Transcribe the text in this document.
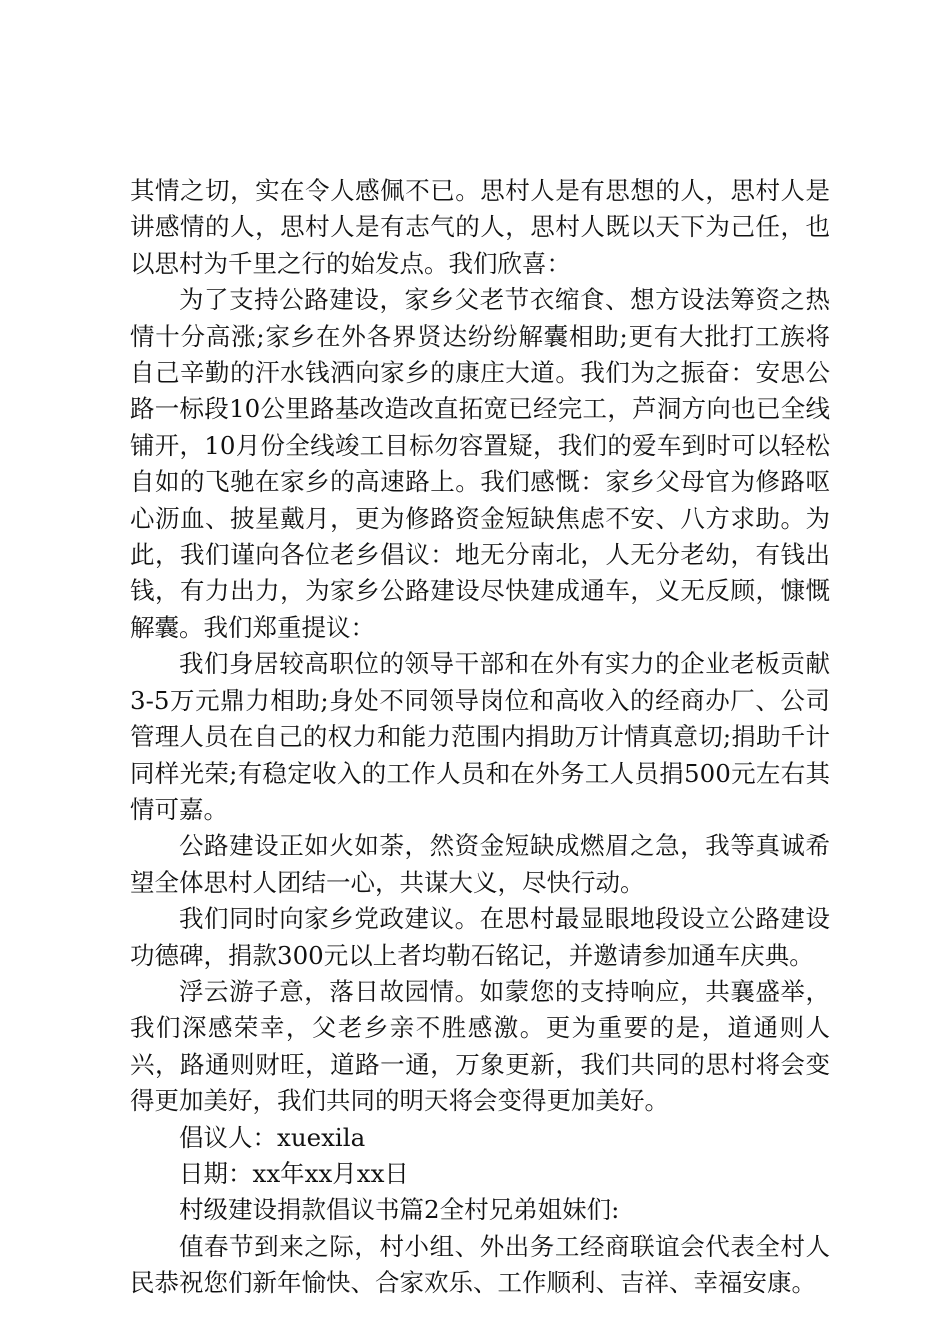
其情之切，实在令人感佩不已。思村人是有思想的人，思村人是讲感情的人，思村人是有志气的人，思村人既以天下为己任，也以思村为千里之行的始发点。我们欣喜：

为了支持公路建设，家乡父老节衣缩食、想方设法筹资之热情十分高涨;家乡在外各界贤达纷纷解囊相助;更有大批打工族将自己辛勤的汗水钱洒向家乡的康庄大道。我们为之振奋：安思公路一标段10公里路基改造改直拓宽已经完工，芦洞方向也已全线铺开，10月份全线竣工目标勿容置疑，我们的爱车到时可以轻松自如的飞驰在家乡的高速路上。我们感慨：家乡父母官为修路呕心沥血、披星戴月，更为修路资金短缺焦虑不安、八方求助。为此，我们谨向各位老乡倡议：地无分南北，人无分老幼，有钱出钱，有力出力，为家乡公路建设尽快建成通车，义无反顾，慷慨解囊。我们郑重提议：

我们身居较高职位的领导干部和在外有实力的企业老板贡献3-5万元鼎力相助;身处不同领导岗位和高收入的经商办厂、公司管理人员在自己的权力和能力范围内捐助万计情真意切;捐助千计同样光荣;有稳定收入的工作人员和在外务工人员捐500元左右其情可嘉。

公路建设正如火如荼，然资金短缺成燃眉之急，我等真诚希望全体思村人团结一心，共谋大义，尽快行动。

我们同时向家乡党政建议。在思村最显眼地段设立公路建设功德碑，捐款300元以上者均勒石铭记，并邀请参加通车庆典。

浮云游子意，落日故园情。如蒙您的支持响应，共襄盛举，我们深感荣幸，父老乡亲不胜感激。更为重要的是，道通则人兴，路通则财旺，道路一通，万象更新，我们共同的思村将会变得更加美好，我们共同的明天将会变得更加美好。

倡议人：xuexila

日期：xx年xx月xx日

村级建设捐款倡议书篇2全村兄弟姐妹们:

值春节到来之际，村小组、外出务工经商联谊会代表全村人民恭祝您们新年愉快、合家欢乐、工作顺利、吉祥、幸福安康。
